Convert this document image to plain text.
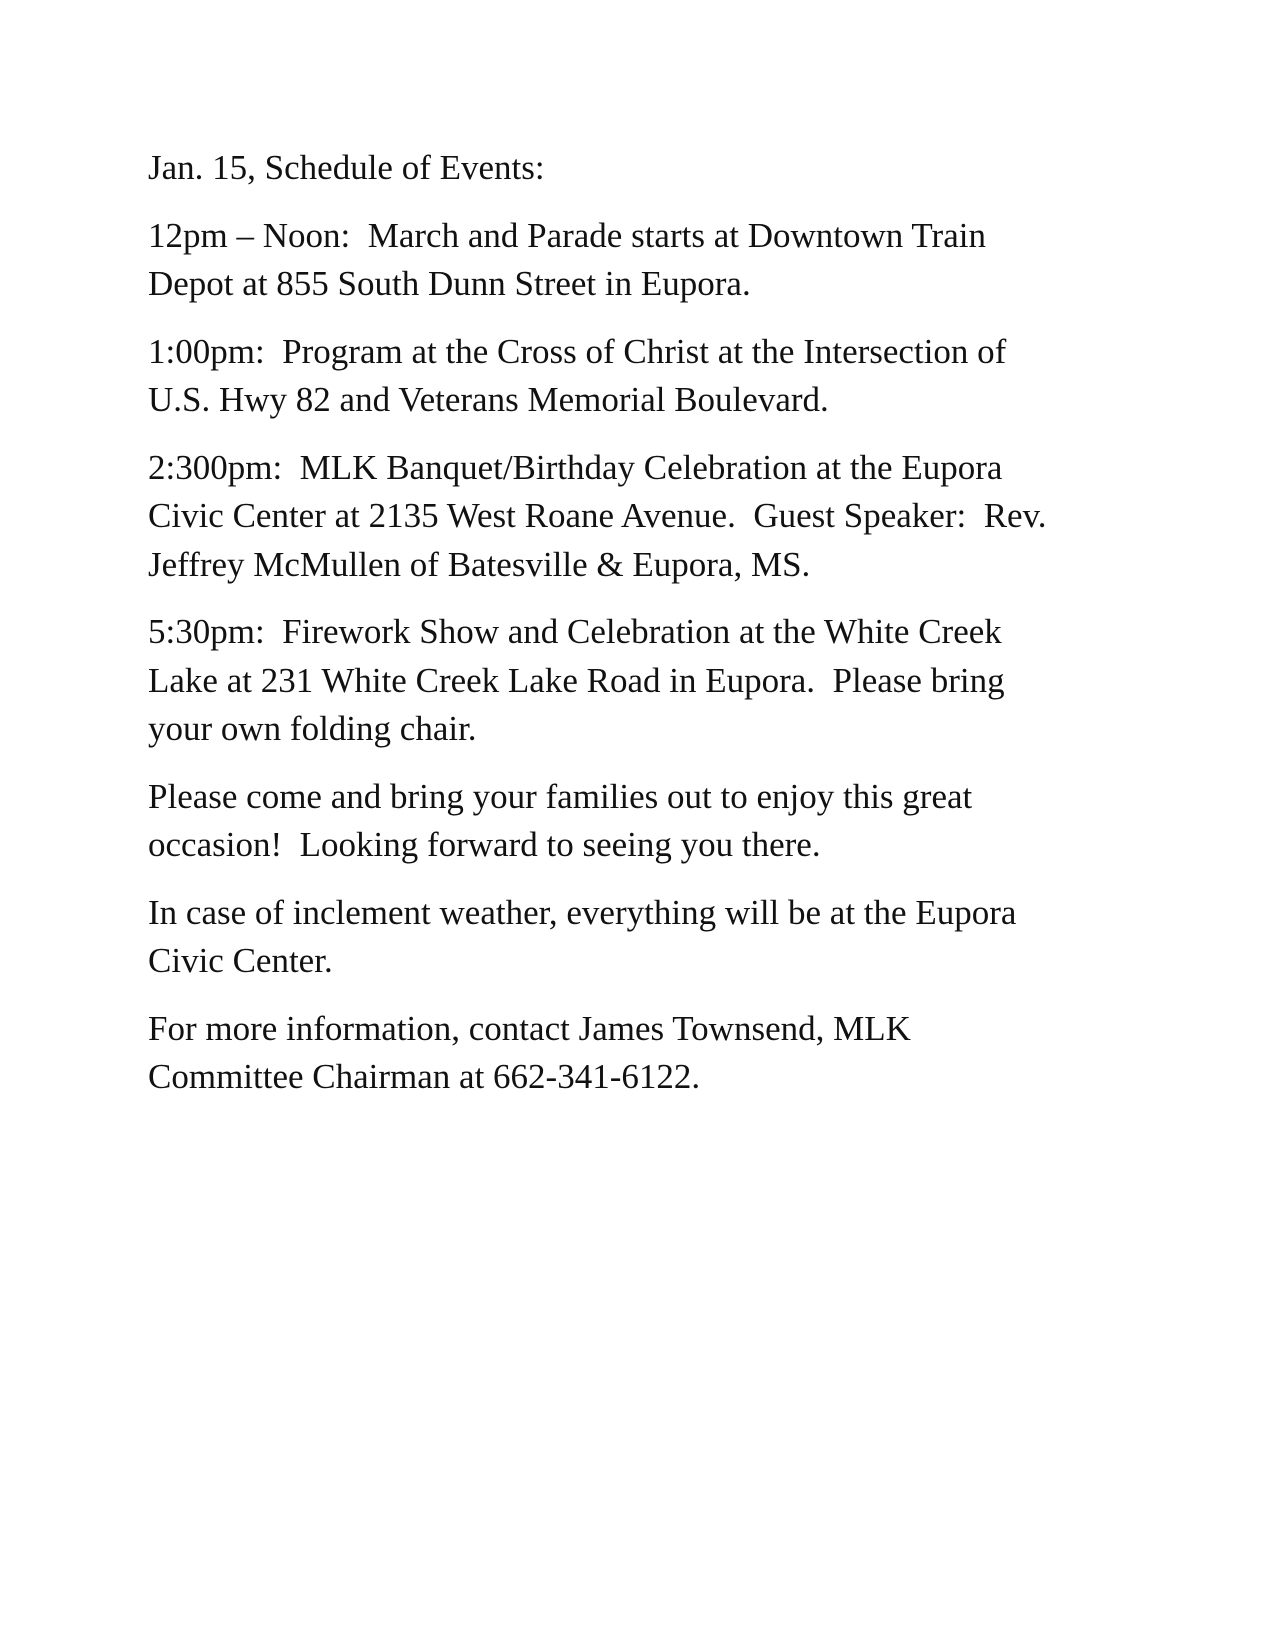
Jan. 15, Schedule of Events:

12pm – Noon:  March and Parade starts at Downtown Train
Depot at 855 South Dunn Street in Eupora.

1:00pm:  Program at the Cross of Christ at the Intersection of
U.S. Hwy 82 and Veterans Memorial Boulevard.

2:300pm:  MLK Banquet/Birthday Celebration at the Eupora
Civic Center at 2135 West Roane Avenue.  Guest Speaker:  Rev.
Jeffrey McMullen of Batesville & Eupora, MS.

5:30pm:  Firework Show and Celebration at the White Creek
Lake at 231 White Creek Lake Road in Eupora.  Please bring
your own folding chair.

Please come and bring your families out to enjoy this great
occasion!  Looking forward to seeing you there.

In case of inclement weather, everything will be at the Eupora
Civic Center.

For more information, contact James Townsend, MLK
Committee Chairman at 662-341-6122.
